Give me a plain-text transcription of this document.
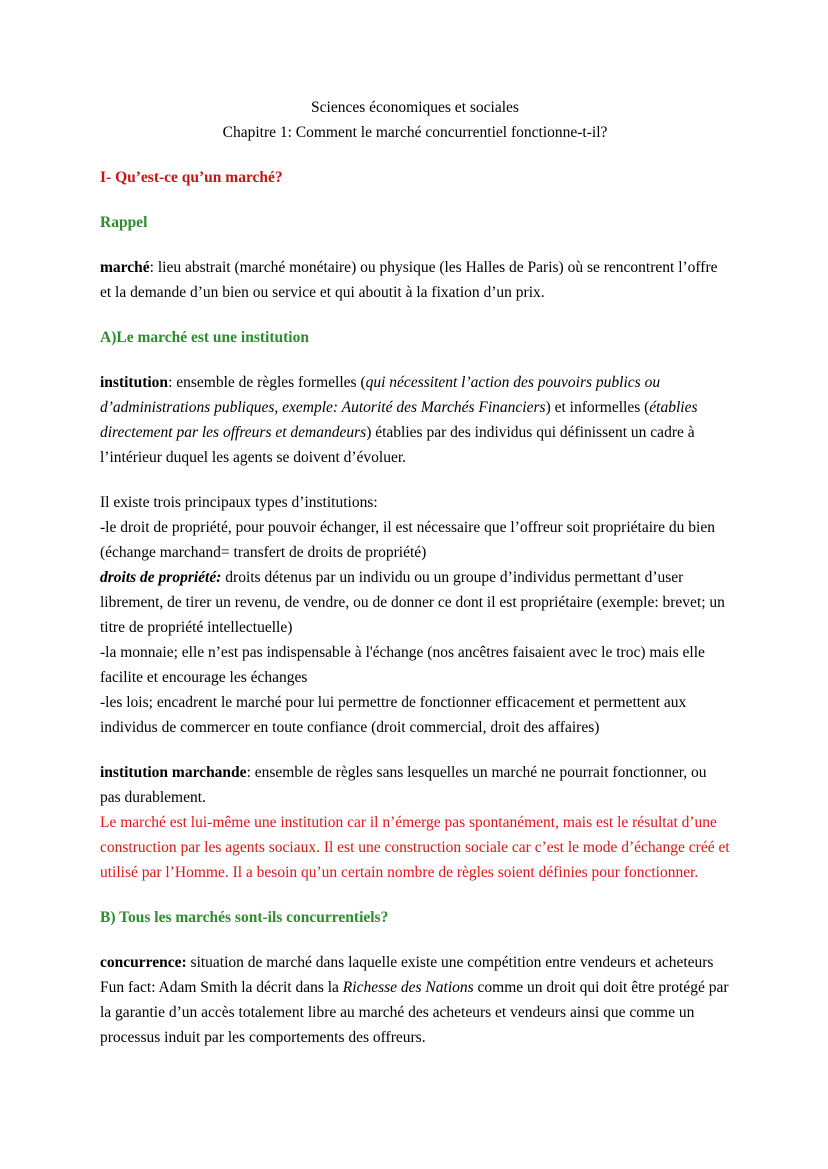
Sciences économiques et sociales
Chapitre 1: Comment le marché concurrentiel fonctionne-t-il?
I- Qu’est-ce qu’un marché?
Rappel

marché: lieu abstrait (marché monétaire) ou physique (les Halles de Paris) où se rencontrent l’offre et la demande d’un bien ou service et qui aboutit à la fixation d’un prix.

A)Le marché est une institution

institution: ensemble de règles formelles (qui nécessitent l’action des pouvoirs publics ou d’administrations publiques, exemple: Autorité des Marchés Financiers) et informelles (établies directement par les offreurs et demandeurs) établies par des individus qui définissent un cadre à l’intérieur duquel les agents se doivent d’évoluer.

Il existe trois principaux types d’institutions:
-le droit de propriété, pour pouvoir échanger, il est nécessaire que l’offreur soit propriétaire du bien (échange marchand= transfert de droits de propriété)
droits de propriété: droits détenus par un individu ou un groupe d’individus permettant d’user librement, de tirer un revenu, de vendre, ou de donner ce dont il est propriétaire (exemple: brevet; un titre de propriété intellectuelle)
-la monnaie; elle n’est pas indispensable à l'échange (nos ancêtres faisaient avec le troc) mais elle facilite et encourage les échanges
-les lois; encadrent le marché pour lui permettre de fonctionner efficacement et permettent aux individus de commercer en toute confiance (droit commercial, droit des affaires)

institution marchande: ensemble de règles sans lesquelles un marché ne pourrait fonctionner, ou pas durablement.

Le marché est lui-même une institution car il n’émerge pas spontanément, mais est le résultat d’une construction par les agents sociaux. Il est une construction sociale car c’est le mode d’échange créé et utilisé par l’Homme. Il a besoin qu’un certain nombre de règles soient définies pour fonctionner.

B) Tous les marchés sont-ils concurrentiels?
concurrence: situation de marché dans laquelle existe une compétition entre vendeurs et acheteurs
Fun fact: Adam Smith la décrit dans la Richesse des Nations comme un droit qui doit être protégé par la garantie d’un accès totalement libre au marché des acheteurs et vendeurs ainsi que comme un processus induit par les comportements des offreurs.
